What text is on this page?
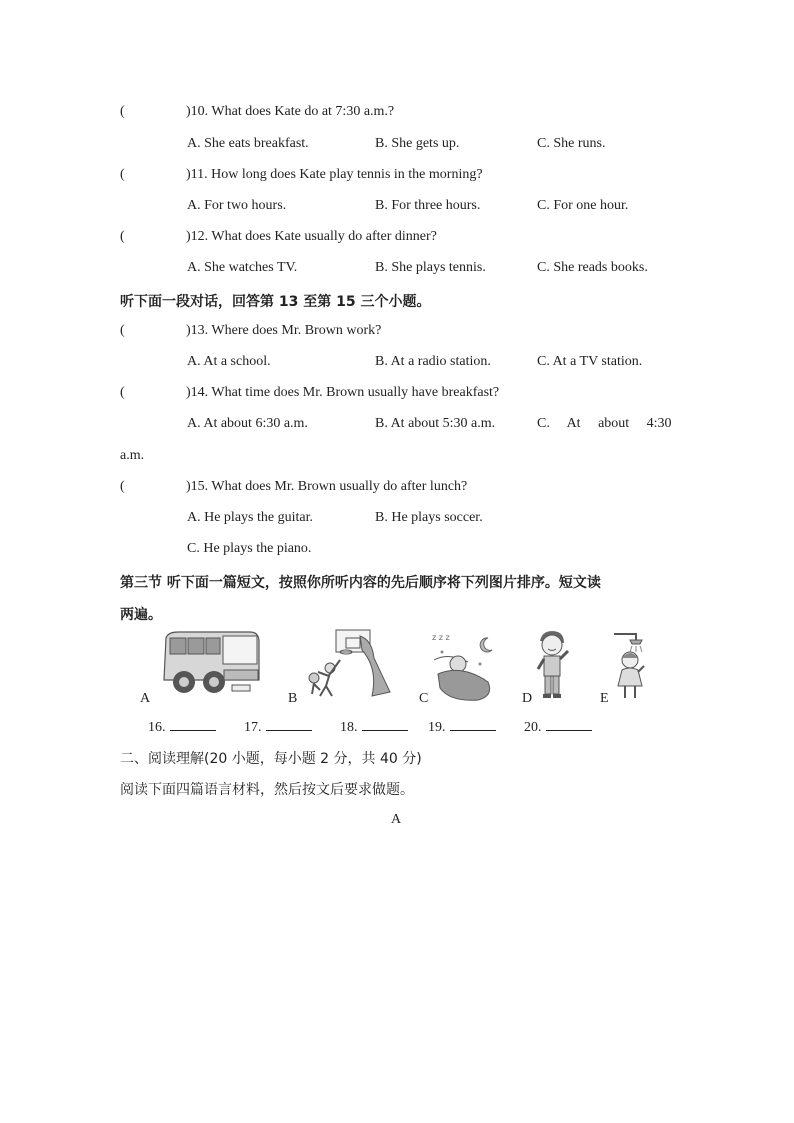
(	)10. What does Kate do at 7:30 a.m.?
A. She eats breakfast.	B. She gets up.	C. She runs.
(	)11. How long does Kate play tennis in the morning?
A. For two hours.	B. For three hours.	C. For one hour.
(	)12. What does Kate usually do after dinner?
A. She watches TV.	B. She plays tennis.	C. She reads books.
听下面一段对话，回答第 13 至第 15 三个小题。
(	)13. Where does Mr. Brown work?
A. At a school.	B. At a radio station.	C. At a TV station.
(	)14. What time does Mr. Brown usually have breakfast?
A. At about 6:30 a.m.	B. At about 5:30 a.m.	C.     At     about     4:30
a.m.
(	)15. What does Mr. Brown usually do after lunch?
A. He plays the guitar.	B. He plays soccer.
C. He plays the piano.
第三节 听下面一篇短文，按照你所听内容的先后顺序将下列图片排序。短文读
两遍。
A	B
z z z
C	D	E
16.	17.	18.	19.	20.
二、阅读理解(20 小题，每小题 2 分，共 40 分)
阅读下面四篇语言材料，然后按文后要求做题。
A
